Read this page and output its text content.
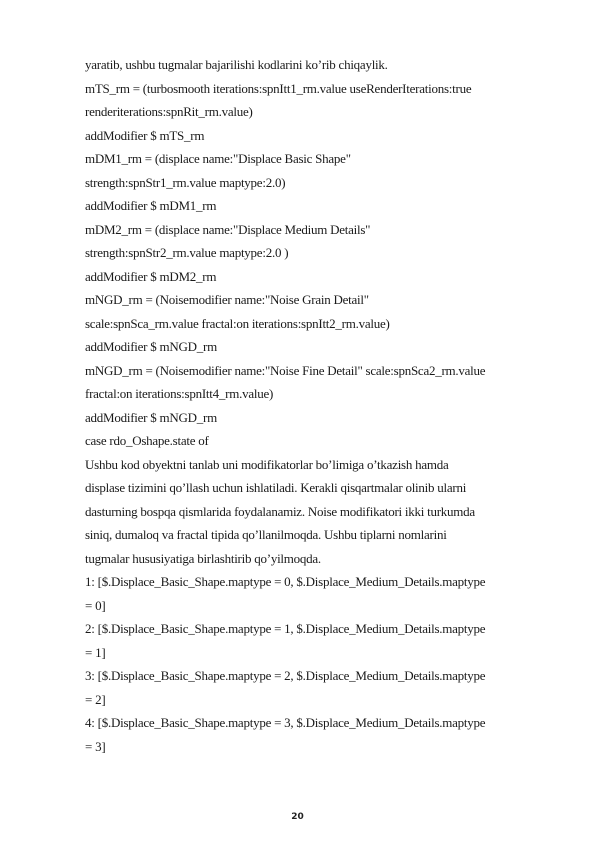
yaratib, ushbu tugmalar bajarilishi kodlarini ko’rib chiqaylik.
mTS_rm = (turbosmooth iterations:spnItt1_rm.value useRenderIterations:true
renderiterations:spnRit_rm.value)
addModifier $ mTS_rm
mDM1_rm = (displace name:"Displace Basic Shape"
strength:spnStr1_rm.value maptype:2.0)
addModifier $ mDM1_rm
mDM2_rm = (displace name:"Displace Medium Details"
strength:spnStr2_rm.value maptype:2.0 )
addModifier $ mDM2_rm
mNGD_rm = (Noisemodifier name:"Noise Grain Detail"
scale:spnSca_rm.value fractal:on iterations:spnItt2_rm.value)
addModifier $ mNGD_rm
mNGD_rm = (Noisemodifier name:"Noise Fine Detail" scale:spnSca2_rm.value
fractal:on iterations:spnItt4_rm.value)
addModifier $ mNGD_rm
case rdo_Oshape.state of
Ushbu kod obyektni tanlab uni modifikatorlar bo’limiga o’tkazish hamda
displase tizimini qo’llash uchun ishlatiladi. Kerakli qisqartmalar olinib ularni
dasturning bospqa qismlarida foydalanamiz. Noise modifikatori ikki turkumda
siniq, dumaloq va fractal tipida qo’llanilmoqda. Ushbu tiplarni nomlarini
tugmalar hususiyatiga birlashtirib qo’yilmoqda.
1: [$.Displace_Basic_Shape.maptype = 0, $.Displace_Medium_Details.maptype
= 0]
2: [$.Displace_Basic_Shape.maptype = 1, $.Displace_Medium_Details.maptype
= 1]
3: [$.Displace_Basic_Shape.maptype = 2, $.Displace_Medium_Details.maptype
= 2]
4: [$.Displace_Basic_Shape.maptype = 3, $.Displace_Medium_Details.maptype
= 3]
20
